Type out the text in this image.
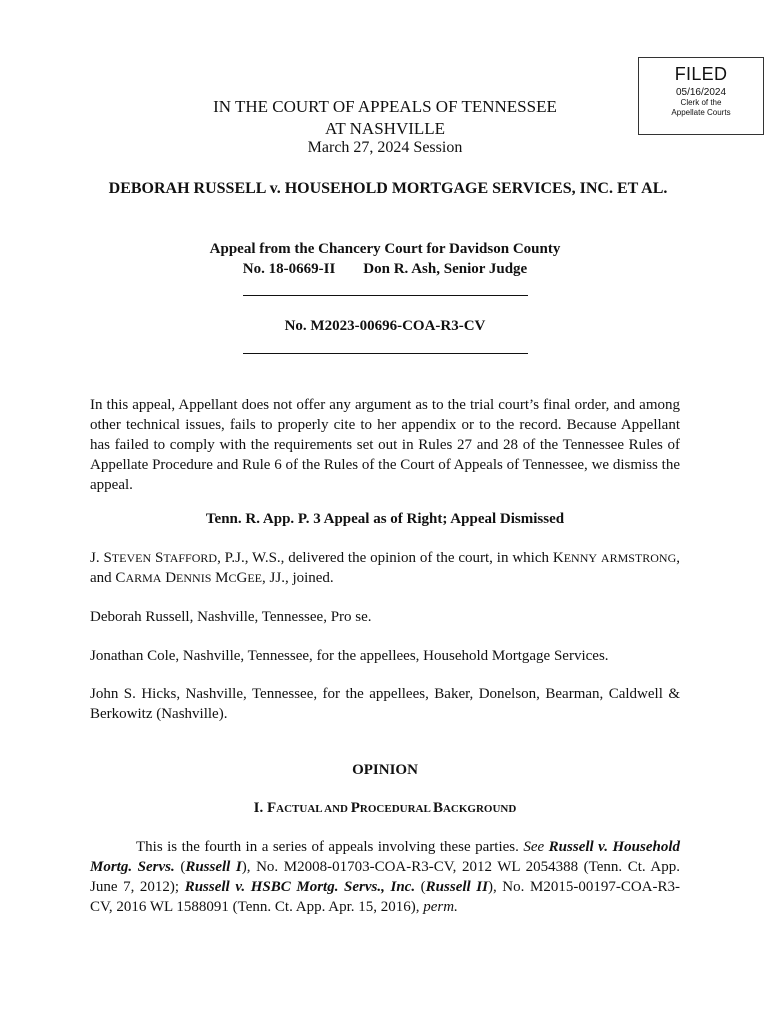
FILED
05/16/2024
Clerk of the
Appellate Courts
IN THE COURT OF APPEALS OF TENNESSEE
AT NASHVILLE
March 27, 2024 Session
DEBORAH RUSSELL v. HOUSEHOLD MORTGAGE SERVICES, INC. ET AL.
Appeal from the Chancery Court for Davidson County
No. 18-0669-II Don R. Ash, Senior Judge
No. M2023-00696-COA-R3-CV
In this appeal, Appellant does not offer any argument as to the trial court’s final order, and among other technical issues, fails to properly cite to her appendix or to the record. Because Appellant has failed to comply with the requirements set out in Rules 27 and 28 of the Tennessee Rules of Appellate Procedure and Rule 6 of the Rules of the Court of Appeals of Tennessee, we dismiss the appeal.
Tenn. R. App. P. 3 Appeal as of Right; Appeal Dismissed
J. STEVEN STAFFORD, P.J., W.S., delivered the opinion of the court, in which KENNY ARMSTRONG, and CARMA DENNIS MCGEE, JJ., joined.
Deborah Russell, Nashville, Tennessee, Pro se.
Jonathan Cole, Nashville, Tennessee, for the appellees, Household Mortgage Services.
John S. Hicks, Nashville, Tennessee, for the appellees, Baker, Donelson, Bearman, Caldwell & Berkowitz (Nashville).
OPINION
I. FACTUAL AND PROCEDURAL BACKGROUND
This is the fourth in a series of appeals involving these parties. See Russell v. Household Mortg. Servs. (Russell I), No. M2008-01703-COA-R3-CV, 2012 WL 2054388 (Tenn. Ct. App. June 7, 2012); Russell v. HSBC Mortg. Servs., Inc. (Russell II), No. M2015-00197-COA-R3-CV, 2016 WL 1588091 (Tenn. Ct. App. Apr. 15, 2016), perm.
